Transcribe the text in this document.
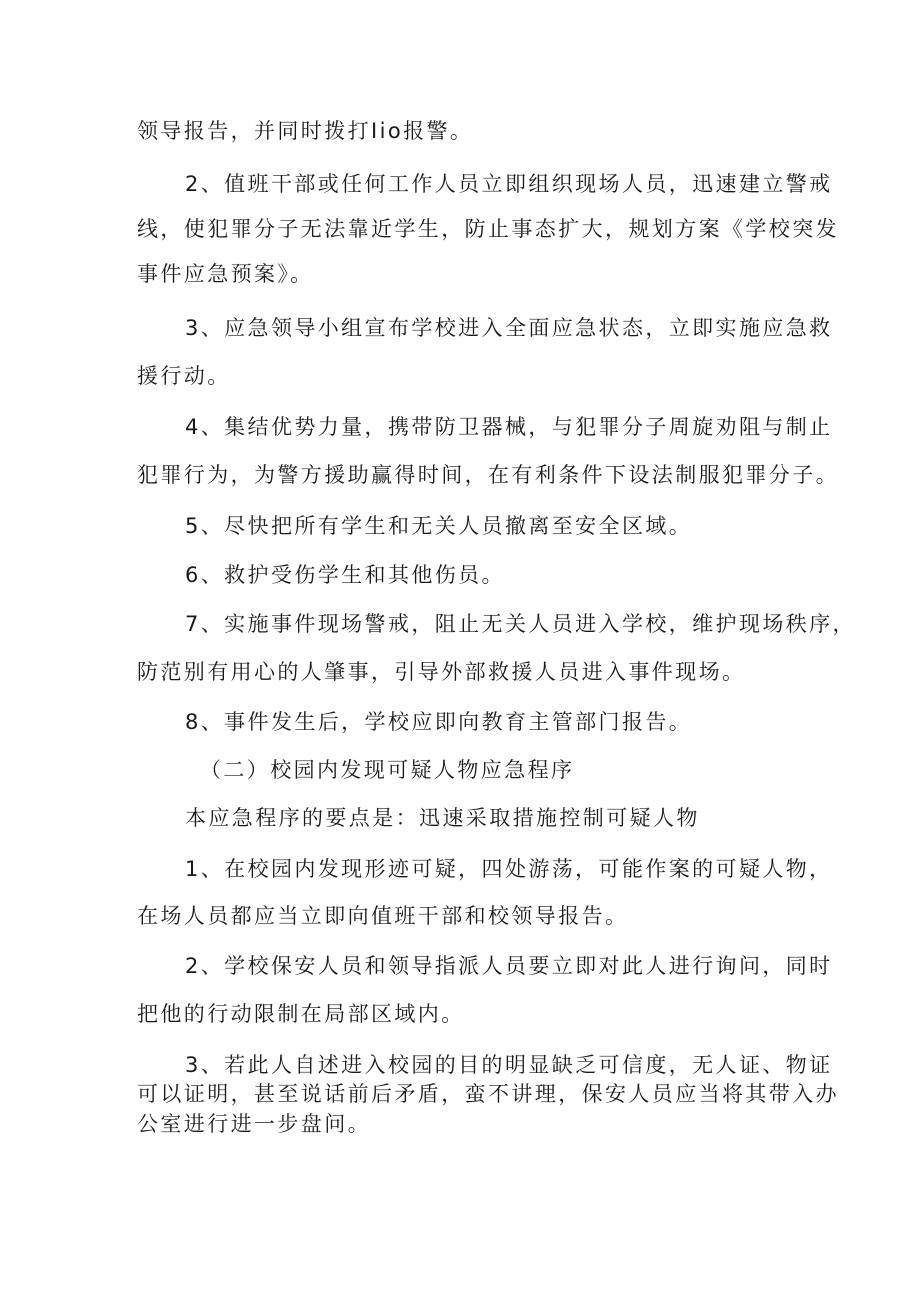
领导报告，并同时拨打Iio报警。
2、值班干部或任何工作人员立即组织现场人员，迅速建立警戒
线，使犯罪分子无法靠近学生，防止事态扩大，规划方案《学校突发
事件应急预案》。
3、应急领导小组宣布学校进入全面应急状态，立即实施应急救
援行动。
4、集结优势力量，携带防卫器械，与犯罪分子周旋劝阻与制止
犯罪行为，为警方援助赢得时间，在有利条件下设法制服犯罪分子。
5、尽快把所有学生和无关人员撤离至安全区域。
6、救护受伤学生和其他伤员。
7、实施事件现场警戒，阻止无关人员进入学校，维护现场秩序，
防范别有用心的人肇事，引导外部救援人员进入事件现场。
8、事件发生后，学校应即向教育主管部门报告。
（二）校园内发现可疑人物应急程序
本应急程序的要点是：迅速采取措施控制可疑人物
1、在校园内发现形迹可疑，四处游荡，可能作案的可疑人物，
在场人员都应当立即向值班干部和校领导报告。
2、学校保安人员和领导指派人员要立即对此人进行询问，同时
把他的行动限制在局部区域内。
3、若此人自述进入校园的目的明显缺乏可信度，无人证、物证
可以证明，甚至说话前后矛盾，蛮不讲理，保安人员应当将其带入办
公室进行进一步盘问。
